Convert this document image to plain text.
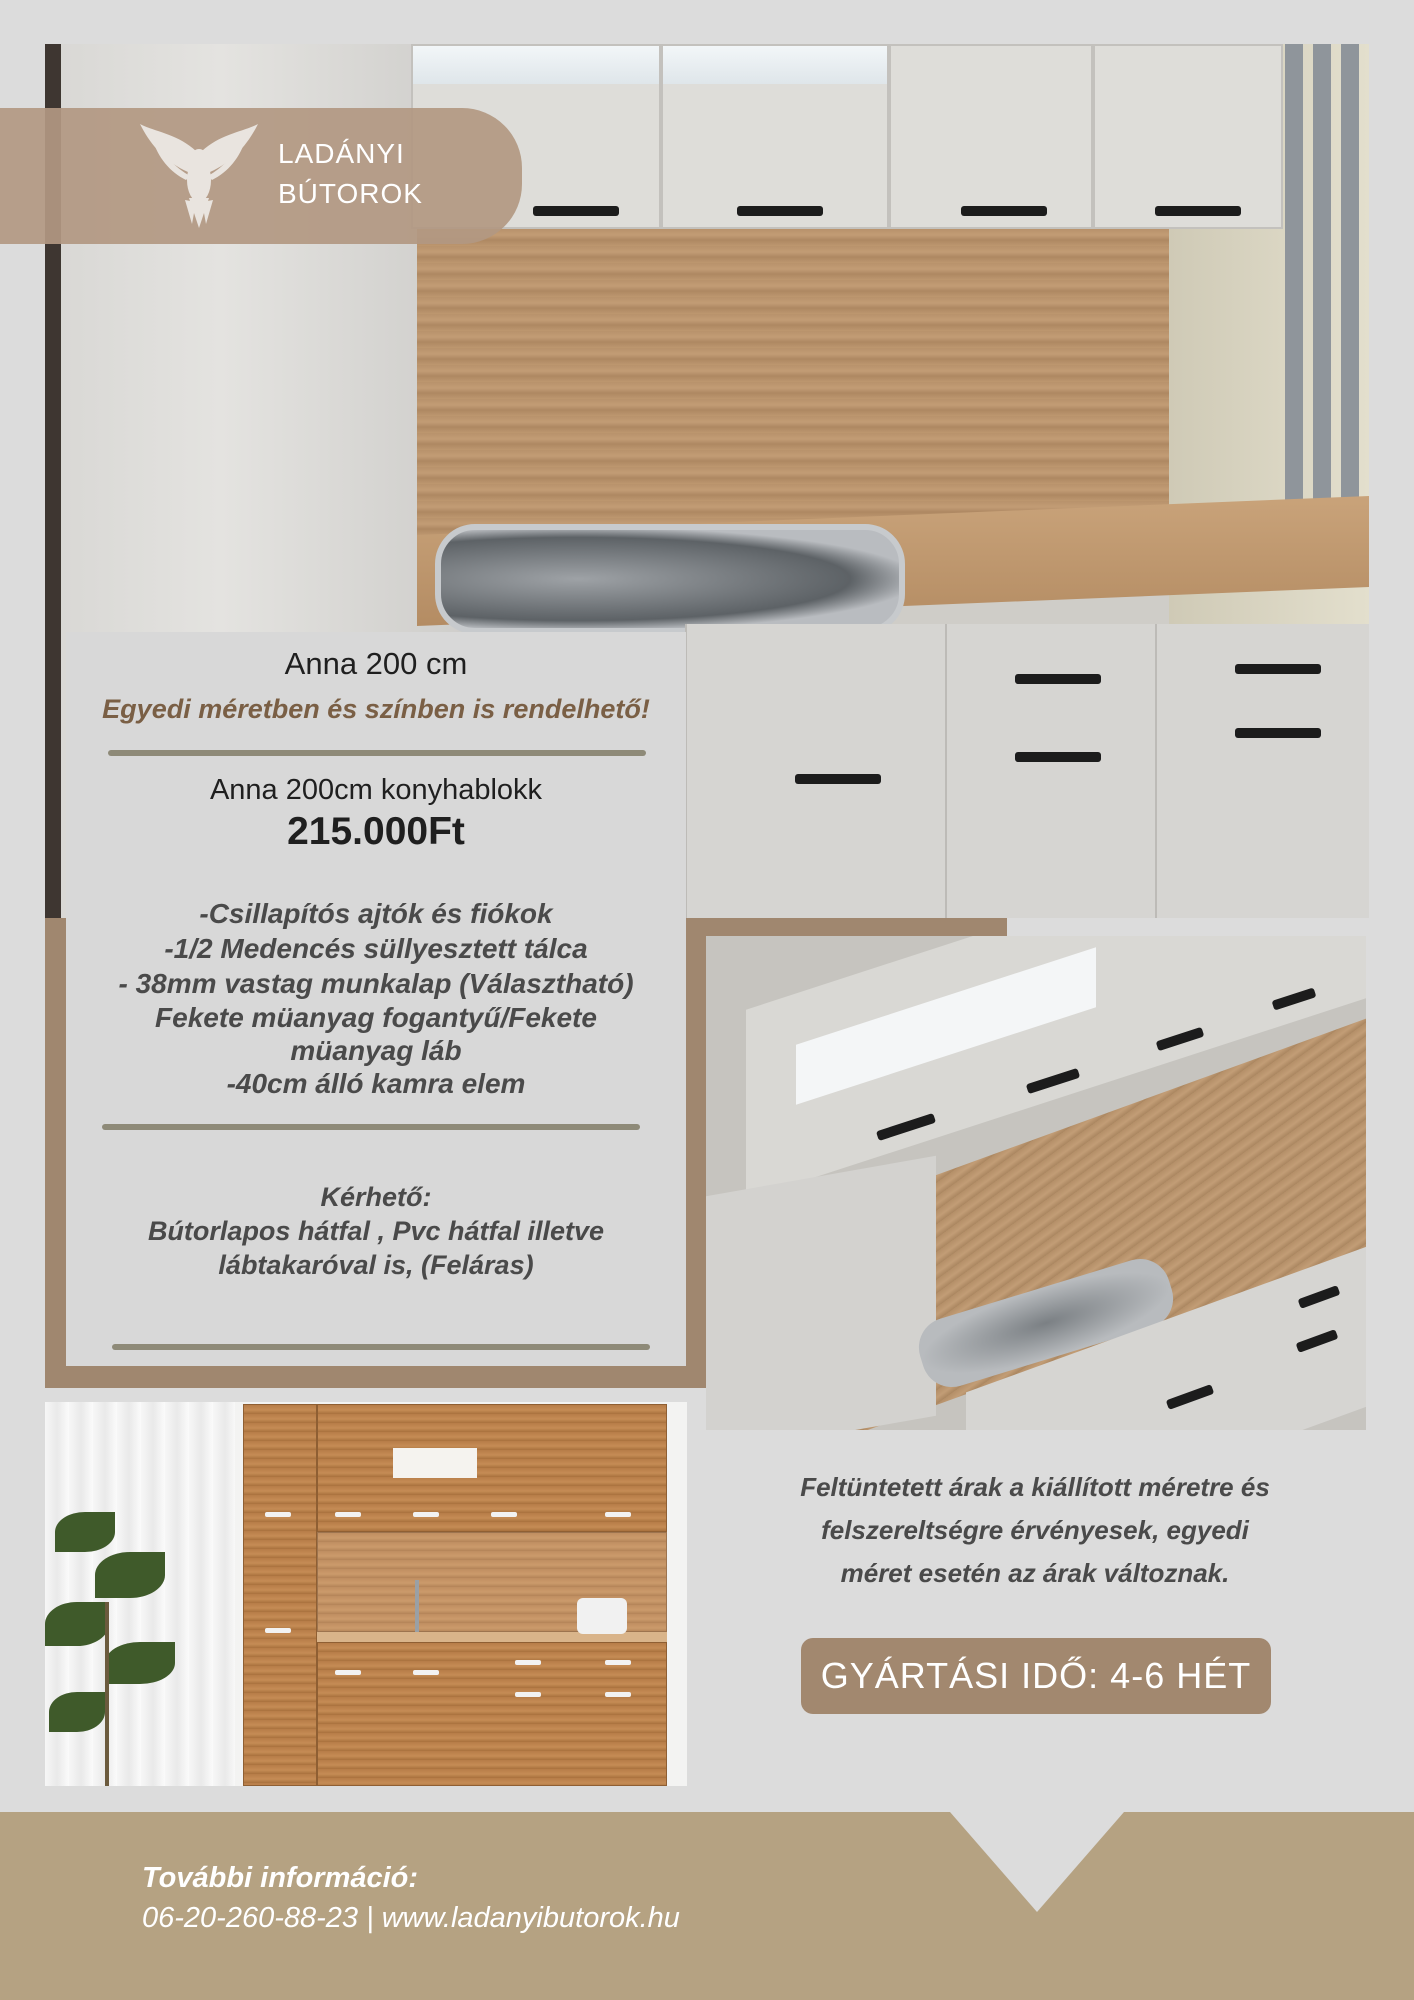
LADÁNYI
BÚTOROK
Anna 200 cm
Egyedi méretben és színben is rendelhető!
Anna 200cm konyhablokk
215.000Ft
-Csillapítós ajtók és fiókok
-1/2 Medencés süllyesztett tálca
- 38mm vastag munkalap (Választható)
Fekete müanyag fogantyű/Fekete
müanyag láb
-40cm álló kamra elem
Kérhető:
Bútorlapos hátfal , Pvc hátfal illetve
lábtakaróval is, (Feláras)
Feltüntetett árak a kiállított méretre és
felszereltségre érvényesek, egyedi
méret esetén az árak változnak.
GYÁRTÁSI IDŐ: 4-6 HÉT
További információ:
06-20-260-88-23 | www.ladanyibutorok.hu
